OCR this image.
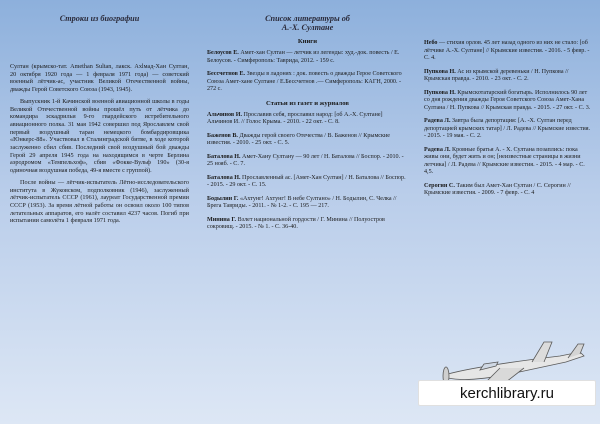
Строки из биографии

Султан (крымско-тат. Amethan Sultan, лакск. Ахlмад-Хан Султан, 20 октября 1920 года — 1 февраля 1971 года) — советский военный лётчик-ас, участник Великой Отечественной войны, дважды Герой Советского Союза (1943, 1945).

Выпускник 1-й Качинской военной авиационной школы в годы Великой Отечественной войны прошёл путь от лётчика до командира эскадрильи 9-го гвардейского истребительного авиационного полка. 31 мая 1942 совершил под Ярославлем свой первый воздушный таран немецкого бомбардировщика «Юнкерс-88». Участвовал в Сталинградской битве, в ходе которой заслуженно сбил сбив. Последний свой воздушный бой дважды Герой 29 апреля 1945 года на находящимся в черте Берлина аэродромом «Темпельхоф», сбив «Фокке-Вульф 190» (30-я одиночная воздушная победа, 49-я вместе с группой).

После войны — лётчик-испытатель Лётно-исследовательского института в Жуковском, подполковник (1946), заслуженный лётчик-испытатель СССР (1961), лауреат Государственной премии СССР (1953). За время лётной работы он освоил около 100 типов летательных аппаратов, его налёт составил 4237 часов. Погиб при испытании самолёта 1 февраля 1971 года.

Список литературы об
А.-Х. Султане
Книги
Белоусов Е. Амет-хан Султан — летчик из легенды: худ.-док. повесть / Е. Белоусов. - Симферополь: Таврида, 2012. - 159 с.
Бессчетнов Е. Звезды в ладонях : док. повесть о дважды Герое Советского Союза Амет-хане Султане / Е.Бессчетнов .— Симферополь: КАГН, 2000. - 272 с.
Статьи из газет и журналов
Альчинов И. Прославив себя, прославил народ: [об А.-Х. Султане] Альчинов И. // Голос Крыма. - 2010. - 22 окт. - С. 8.
Баженов В. Дважды герой своего Отечества / В. Баженов // Крымские известия. - 2010. - 25 окт. - С. 5.
Баталова Н. Амет-Хану Султану — 90 лет / Н. Баталова // Боспор. - 2010. - 25 нояб. - С. 7.
Баталова Н. Прославленный ас. [Амет-Хан Султан] / Н. Баталова // Боспор. - 2015. - 29 окт. - С. 15.
Бодылин Г. «Ахтунг! Ахтунг! В небе Султано» / Н. Бодылин, С. Челка // Брега Тавриды. - 2011. - № 1-2. - С. 195 — 217.
Минина Г. Взлет национальной гордости / Г. Минина // Полуостров сокровищ. - 2015. - № 1. - С. 36-40.
Небо — стихия орлов. 45 лет назад одного из них не стало: [об лётчике А.-Х. Султане] // Крымские известия. - 2016. - 5 февр. - С. 4.
Пупкова Н. Ас из крымской деревеньки / Н. Пупкова // Крымская правда. - 2010. - 23 окт. - С. 2.
Пупкова Н. Крымскотатарский богатырь. Исполнилось 90 лет со дня рождения дважды Героя Советского Союза Амет-Хана Султана / Н. Пупкова // Крымская правда. - 2015. - 27 окт. - С. 3.
Радева Л. Завтра была депортация: [А. -Х. Султан перед депортацией крымских татар] / Л. Радева // Крымские известия. - 2015. - 19 мая. - С. 2.
Радева Л. Кровные братья А. - Х. Султана позаплись: пока живы они, будет жить и он; [неизвестные страницы в жизни летчика] / Л. Радева // Крымские известия. - 2015. - 4 мар. - С. 4,5.
Серогин С. Таким был Амет-Хан Султан / С. Серогин // Крымские известия. - 2009. - 7 февр. - С. 4
kerchlibrary.ru
